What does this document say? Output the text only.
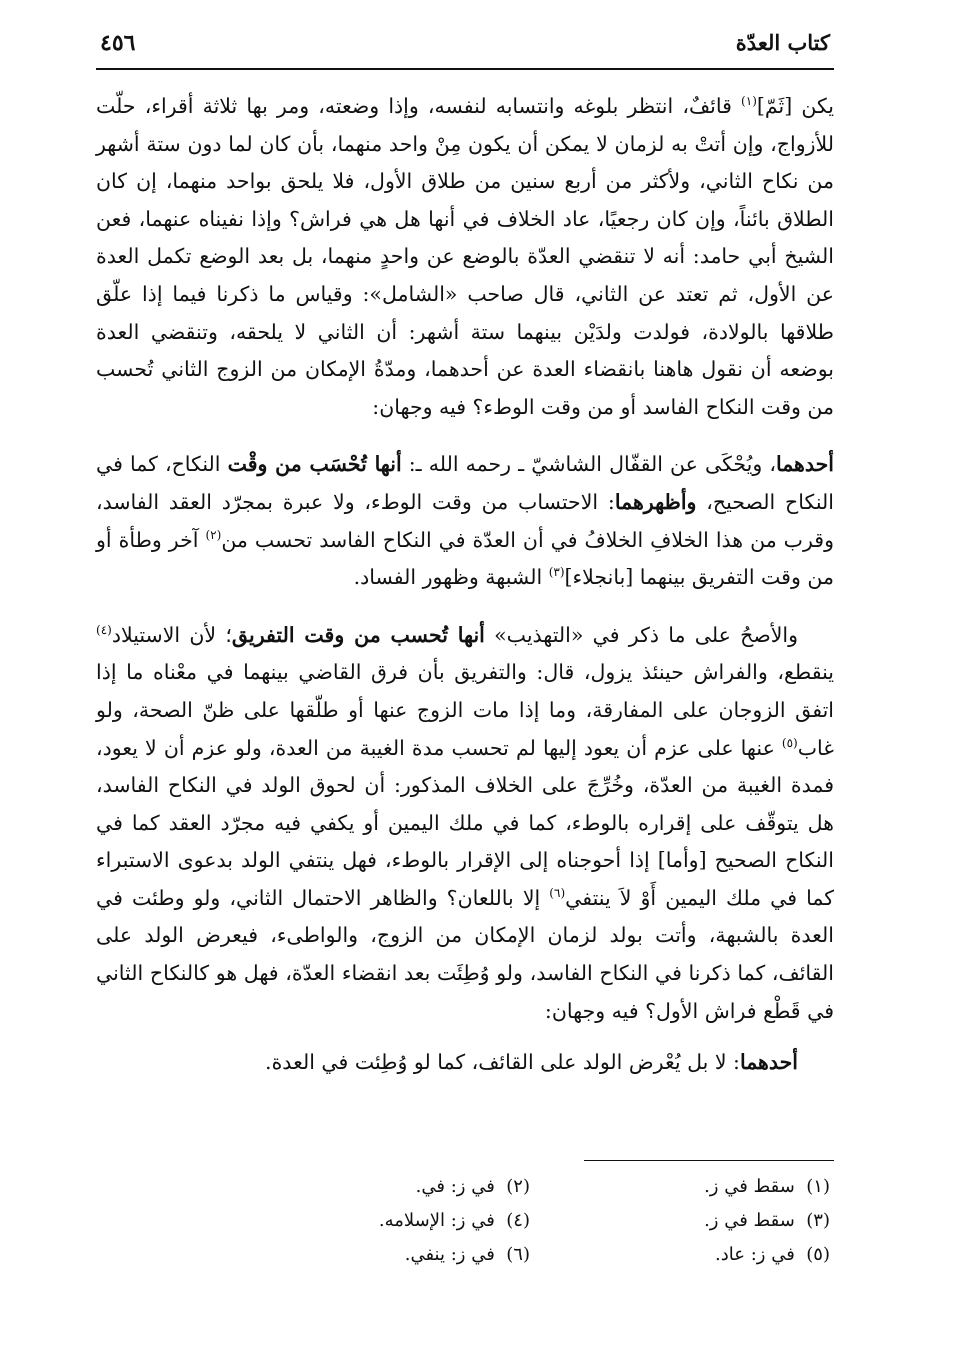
كتاب العدّة
٤٥٦

يكن [ثَمّ]$^{(١)}$ قائفٌ، انتظر بلوغه وانتسابه لنفسه، وإذا وضعته، ومر بها ثلاثة أقراء، حلّت للأزواج، وإن أتتْ به لزمان لا يمكن أن يكون مِنْ واحد منهما، بأن كان لما دون ستة أشهر من نكاح الثاني، ولأكثر من أربع سنين من طلاق الأول، فلا يلحق بواحد منهما، إن كان الطلاق بائناً، وإن كان رجعيًا، عاد الخلاف في أنها هل هي فراش؟ وإذا نفيناه عنهما، فعن الشيخ أبي حامد: أنه لا تنقضي العدّة بالوضع عن واحدٍ منهما، بل بعد الوضع تكمل العدة عن الأول، ثم تعتد عن الثاني، قال صاحب «الشامل»: وقياس ما ذكرنا فيما إذا علّق طلاقها بالولادة، فولدت ولدَيْن بينهما ستة أشهر: أن الثاني لا يلحقه، وتنقضي العدة بوضعه أن نقول هاهنا بانقضاء العدة عن أحدهما، ومدّةُ الإمكان من الزوج الثاني تُحسب من وقت النكاح الفاسد أو من وقت الوطء؟ فيه وجهان:

أحدهما، ويُحْكَى عن القفّال الشاشيّ ـ رحمه الله ـ: أنها تُحْسَب من وقْت النكاح، كما في النكاح الصحيح، وأظهرهما: الاحتساب من وقت الوطء، ولا عبرة بمجرّد العقد الفاسد، وقرب من هذا الخلافِ الخلافُ في أن العدّة في النكاح الفاسد تحسب من$^{(٢)}$ آخر وطأة أو من وقت التفريق بينهما [بانجلاء]$^{(٣)}$ الشبهة وظهور الفساد.

والأصحُ على ما ذكر في «التهذيب» أنها تُحسب من وقت التفريق؛ لأن الاستيلاد$^{(٤)}$ ينقطع، والفراش حينئذ يزول، قال: والتفريق بأن فرق القاضي بينهما في معْناه ما إذا اتفق الزوجان على المفارقة، وما إذا مات الزوج عنها أو طلّقها على ظنّ الصحة، ولو غاب$^{(٥)}$ عنها على عزم أن يعود إليها لم تحسب مدة الغيبة من العدة، ولو عزم أن لا يعود، فمدة الغيبة من العدّة، وخُرِّجَ على الخلاف المذكور: أن لحوق الولد في النكاح الفاسد، هل يتوقّف على إقراره بالوطء، كما في ملك اليمين أو يكفي فيه مجرّد العقد كما في النكاح الصحيح [وأما] إذا أحوجناه إلى الإقرار بالوطء، فهل ينتفي الولد بدعوى الاستبراء كما في ملك اليمين أَوْ لاَ ينتفي$^{(٦)}$ إلا باللعان؟ والظاهر الاحتمال الثاني، ولو وطئت في العدة بالشبهة، وأتت بولد لزمان الإمكان من الزوج، والواطىء، فيعرض الولد على القائف، كما ذكرنا في النكاح الفاسد، ولو وُطِئَت بعد انقضاء العدّة، فهل هو كالنكاح الثاني في قَطْع فراش الأول؟ فيه وجهان:

أحدهما: لا بل يُعْرض الولد على القائف، كما لو وُطِئت في العدة.

(١)  سقط في ز.
(٢)  في ز: في.
(٣)  سقط في ز.
(٤)  في ز: الإسلامه.
(٥)  في ز: عاد.
(٦)  في ز: ينفي.
